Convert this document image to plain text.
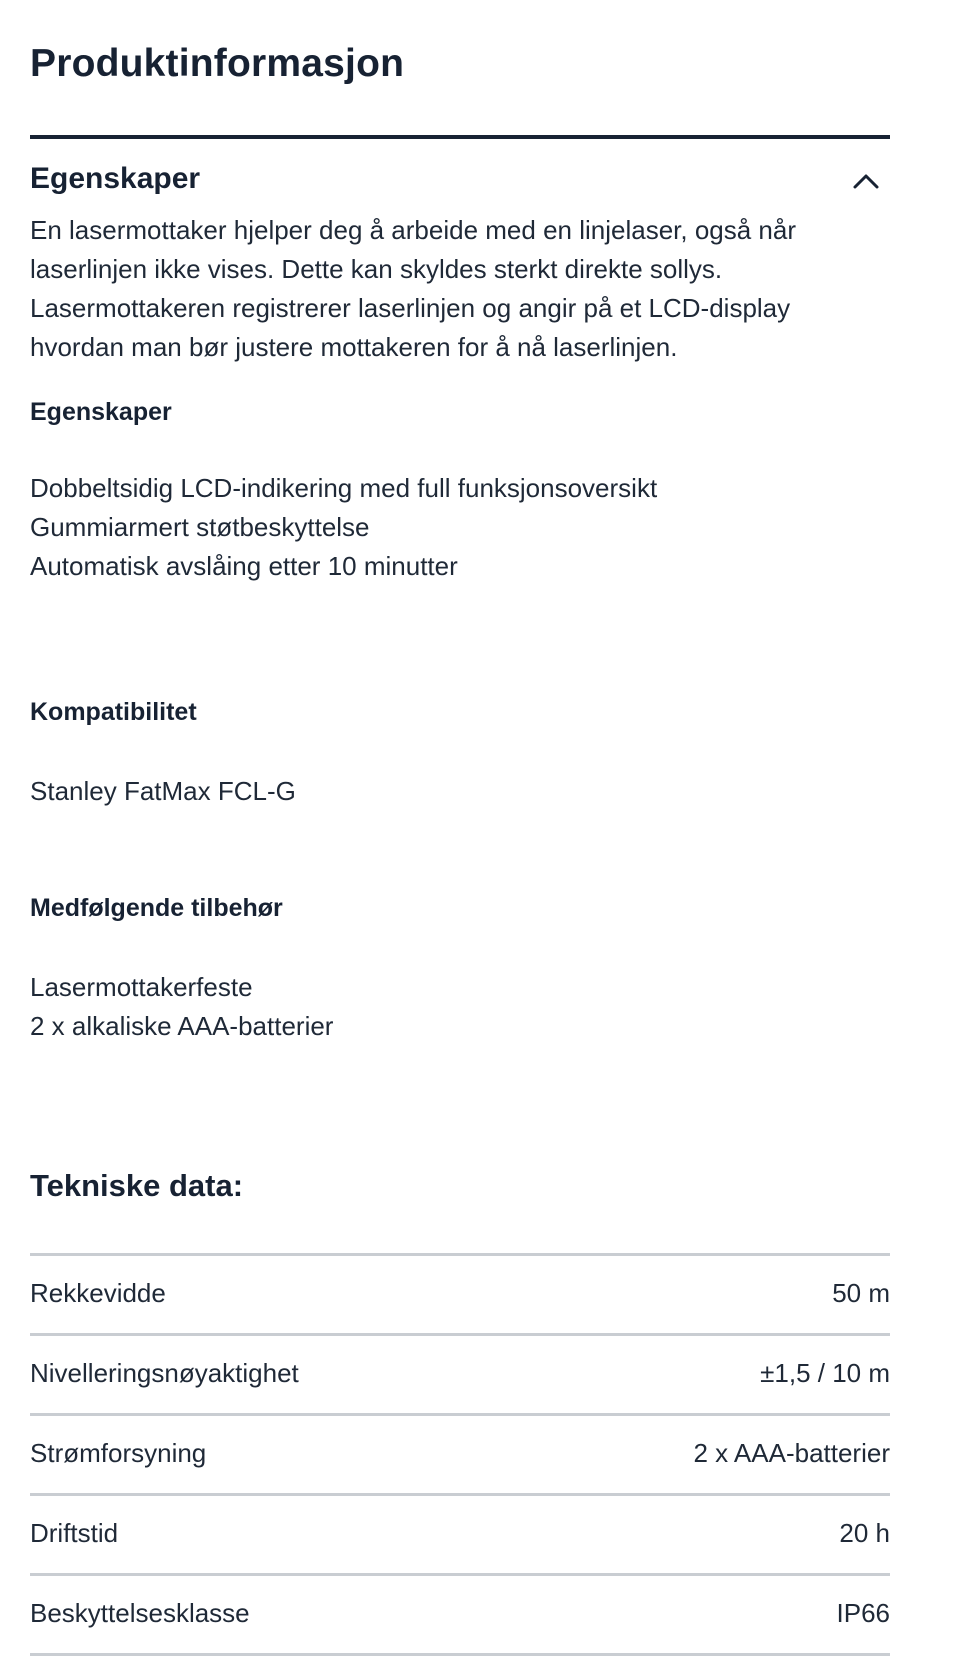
Produktinformasjon
Egenskaper

En lasermottaker hjelper deg å arbeide med en linjelaser, også når
laserlinjen ikke vises. Dette kan skyldes sterkt direkte sollys.
Lasermottakeren registrerer laserlinjen og angir på et LCD-display
hvordan man bør justere mottakeren for å nå laserlinjen.

Egenskaper

Dobbeltsidig LCD-indikering med full funksjonsoversikt
Gummiarmert støtbeskyttelse
Automatisk avslåing etter 10 minutter

Kompatibilitet

Stanley FatMax FCL-G

Medfølgende tilbehør

Lasermottakerfeste
2 x alkaliske AAA-batterier

Tekniske data:
Rekkevidde	50 m
Nivelleringsnøyaktighet	±1,5 / 10 m
Strømforsyning	2 x AAA-batterier
Driftstid	20 h
Beskyttelsesklasse	IP66
